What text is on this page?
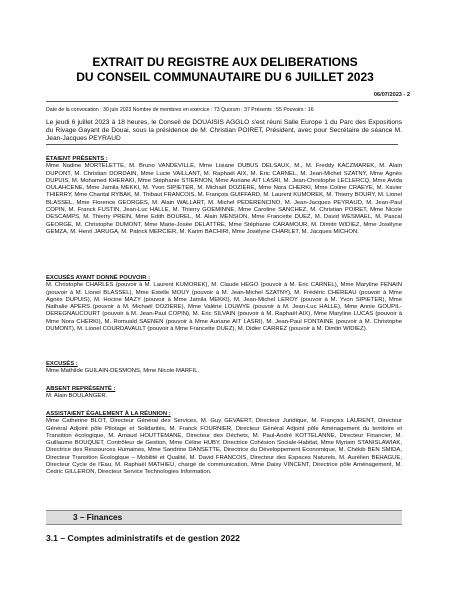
EXTRAIT DU REGISTRE AUX DELIBERATIONS
DU CONSEIL COMMUNAUTAIRE DU 6 JUILLET 2023
06/07/2023 - 2
Date de la convocation : 30 juin 2023 Nombre de membres en exercice : 73 Quorum : 37 Présents : 55 Pouvoirs : 16
Le jeudi 6 juillet 2023 à 18 heures, le Conseil de DOUAISIS AGGLO s'est réuni Salle Europe 1 du Parc des Expositions du Rivage Gayant de Douai, sous la présidence de M. Christian POIRET, Président, avec pour Secrétaire de séance M. Jean-Jacques PEYRAUD
ÉTAIENT PRÉSENTS :
Mme Nadine MORTELETTE, M. Bruno VANDEVILLE, Mme Lisiane DUBUS DELSAUX, M., M. Freddy KACZMAREK, M. Alain DUPONT, M. Christian DORDAIN, Mme Lucie VAILLANT, M. Raphaël AIX, M. Eric CARNEL, M. Jean-Michel SZATNY, Mme Agnès DUPUIS, M. Mohamed KHERAKI, Mme Stéphanie STIERNON, Mme Auriane AIT LASRI, M. Jean-Christophe LECLERCQ, Mme Avida OULAHCENE, Mme Jamila MEKKI, M. Yvon SIPIETER, M. Michaël DOZIERE, Mme Nora CHERKI, Mme Coline CRAEYE, M. Xavier THIERRY, Mme Chantal RYBAK, M. Thibaut FRANCOIS, M. François GUIFFARD, M. Laurent KUMOREK, M. Thierry BOURY, M. Lionel BLASSEL, Mme Florence GEORGES, M. Alain WALLART, M. Michel PEDERENCINO, M. Jean-Jacques PEYRAUD, M. Jean-Paul COPIN, M. Franck FUSTIN, Jean-Luc HALLE, M. Thierry GOEMINNE, Mme Caroline SANCHEZ, M. Christian POIRET, Mme Nicole DESCAMPS, M. Thierry PREIN, Mme Edith BOUREL, M. Alain MENSION, Mme Francette DUEZ, M. David WESMAEL, M. Pascal GEORGÉ, M. Christophe DUMONT, Mme Marie-Josée DELATTRE, Mme Stéphanie CARAMOUR, M. Dimitri WIDIEZ, Mme Josélyne GEMZA, M. Henri JARUGA, M. Patrick MERCIER, M. Karim BACHIRI, Mme Josélyne CHARLET, M. Jacques MICHON.
EXCUSÉS AYANT DONNÉ POUVOIR :
M. Christophe CHARLES (pouvoir à M. Laurent KUMOREK), M. Claude HEGO (pouvoir à M. Eric CARNEL), Mme Maryline FENAIN (pouvoir à M. Lionel BLASSEL), Mme Estelle MOUY (pouvoir à M. Jean-Michel SZATNY), M. Frédéric CHÉREAU (pouvoir à Mme Agnès DUPUIS), M. Hocine MAZY (pouvoir à Mme Jamila MEKKI), M. Jean-Michel LEROY (pouvoir à M. Yvon SIPIETER), Mme Nathalie APERS (pouvoir à M. Michaël DOZIERE), Mme Valérie LOUWYE (pouvoir à M. Jean-Luc HALLE), Mme Annie GOUPIL-DEREGNAUCOURT (pouvoir à M. Jean-Paul COPIN), M. Eric SILVAIN (pouvoir à M. Raphaël AIX), Mme Maryline LUCAS (pouvoir à Mme Nora CHERKI), M. Romuald SAENEN (pouvoir à Mme Auriane AIT LASRI), M. Jean-Paul FONTAINE (pouvoir à M. Christophe DUMONT), M. Lionel COURDAVAULT (pouvoir à Mme Francette DUEZ), M. Didier CARREZ (pouvoir à M. Dimitri WIDIEZ).
EXCUSÉS :
Mme Mathilde GUILAIN-DESMONS, Mme Nicole MARFIL.
ABSENT REPRÉSENTÉ :
M. Alain BOULANGER.
ASSISTAIENT ÉGALEMENT À LA RÉUNION :
Mme Catherine BLOT, Directeur Général des Services, M. Guy GEVAERT, Directeur Juridique, M. François LAURENT, Directeur Général Adjoint pôle Pilotage et Solidarités, M. Franck FOURNIER, Directeur Général Adjoint pôle Aménagement du territoire et Transition écologique, M. Arnaud HOUTTEMANE, Directeur des Déchets, M. Paul-André KOTTELANNE, Directeur Financier, M. Guillaume BOUQUET, Contrôleur de Gestion, Mme Céline HUBY, Directrice Cohésion Sociale-Habitat, Mme Myriam STANISLAWIAK, Directrice des Ressources Humaines, Mme Sandrine DANSETTE, Directrice du Développement Economique, M. Chékib BEN SMIDA, Directeur Transition Écologique – Mobilité et Qualité, M. David FRANCOIS, Directeur des Espaces Naturels, M. Aurélien BEHAGUE, Directeur Cycle de l'Eau, M. Raphaël MATHIEU, chargé de communication, Mme Daisy VINCENT, Directrice pôle Aménagement, M. Cédric GILLERON, Directeur Service Technologies Information.
3 – Finances
3.1 – Comptes administratifs et de gestion 2022
